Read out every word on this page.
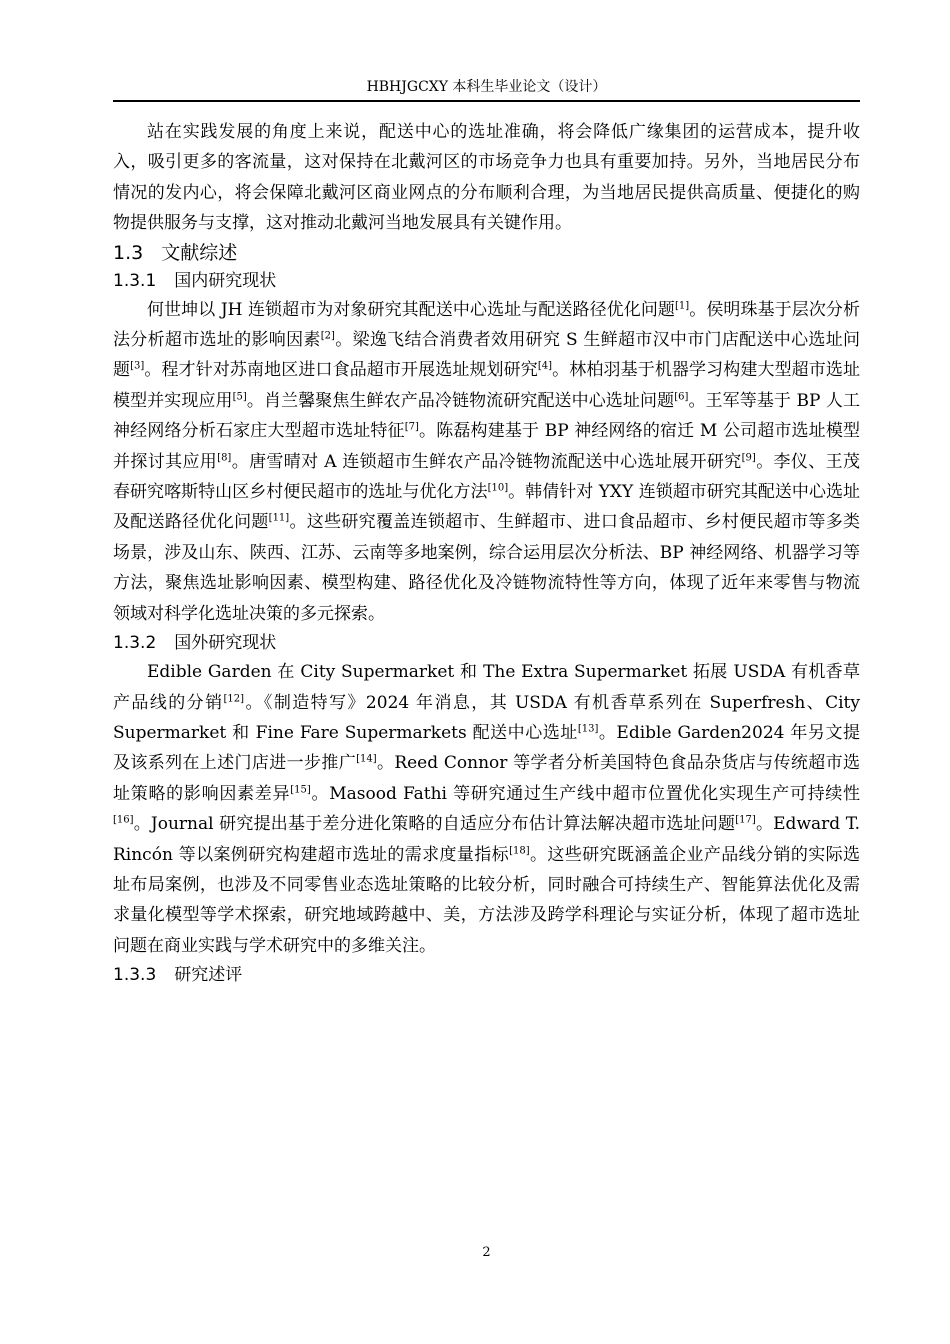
HBHJGCXY 本科生毕业论文（设计）

站在实践发展的角度上来说，配送中心的选址准确，将会降低广缘集团的运营成本，提升收入，吸引更多的客流量，这对保持在北戴河区的市场竞争力也具有重要加持。另外，当地居民分布情况的发内心，将会保障北戴河区商业网点的分布顺利合理，为当地居民提供高质量、便捷化的购物提供服务与支撑，这对推动北戴河当地发展具有关键作用。

1.3 文献综述
1.3.1 国内研究现状

何世坤以 JH 连锁超市为对象研究其配送中心选址与配送路径优化问题[1]。侯明珠基于层次分析法分析超市选址的影响因素[2]。梁逸飞结合消费者效用研究 S 生鲜超市汉中市门店配送中心选址问题[3]。程才针对苏南地区进口食品超市开展选址规划研究[4]。林柏羽基于机器学习构建大型超市选址模型并实现应用[5]。肖兰馨聚焦生鲜农产品冷链物流研究配送中心选址问题[6]。王军等基于 BP 人工神经网络分析石家庄大型超市选址特征[7]。陈磊构建基于 BP 神经网络的宿迁 M 公司超市选址模型并探讨其应用[8]。唐雪晴对 A 连锁超市生鲜农产品冷链物流配送中心选址展开研究[9]。李仪、王茂春研究喀斯特山区乡村便民超市的选址与优化方法[10]。韩倩针对 YXY 连锁超市研究其配送中心选址及配送路径优化问题[11]。这些研究覆盖连锁超市、生鲜超市、进口食品超市、乡村便民超市等多类场景，涉及山东、陕西、江苏、云南等多地案例，综合运用层次分析法、BP 神经网络、机器学习等方法，聚焦选址影响因素、模型构建、路径优化及冷链物流特性等方向，体现了近年来零售与物流领域对科学化选址决策的多元探索。

1.3.2 国外研究现状

Edible Garden 在 City Supermarket 和 The Extra Supermarket 拓展 USDA 有机香草产品线的分销[12]。《制造特写》2024 年消息，其 USDA 有机香草系列在 Superfresh、City Supermarket 和 Fine Fare Supermarkets 配送中心选址[13]。Edible Garden2024 年另文提及该系列在上述门店进一步推广[14]。Reed Connor 等学者分析美国特色食品杂货店与传统超市选址策略的影响因素差异[15]。Masood Fathi 等研究通过生产线中超市位置优化实现生产可持续性[16]。Journal 研究提出基于差分进化策略的自适应分布估计算法解决超市选址问题[17]。Edward T. Rincón 等以案例研究构建超市选址的需求度量指标[18]。这些研究既涵盖企业产品线分销的实际选址布局案例，也涉及不同零售业态选址策略的比较分析，同时融合可持续生产、智能算法优化及需求量化模型等学术探索，研究地域跨越中、美，方法涉及跨学科理论与实证分析，体现了超市选址问题在商业实践与学术研究中的多维关注。

1.3.3 研究述评
2
